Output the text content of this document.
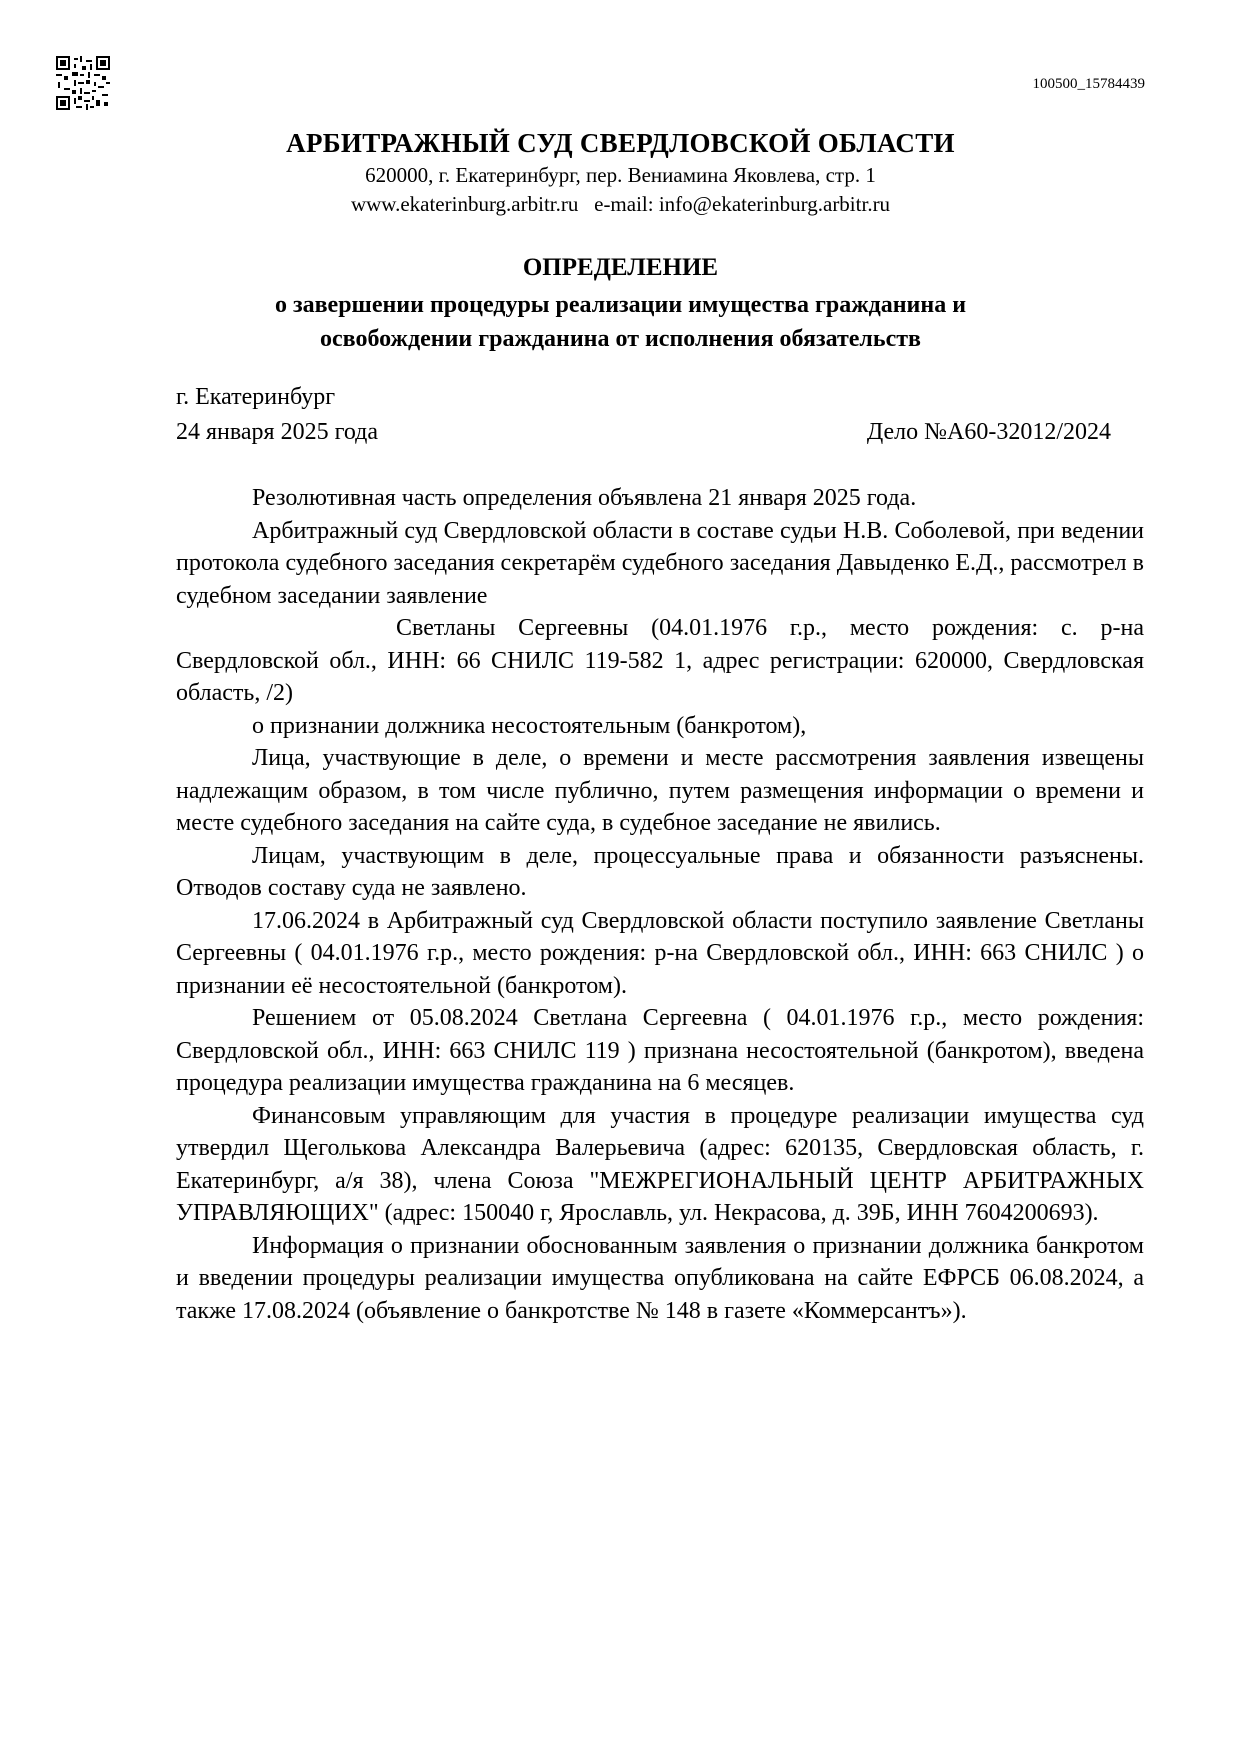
100500_15784439
АРБИТРАЖНЫЙ СУД СВЕРДЛОВСКОЙ ОБЛАСТИ
620000, г. Екатеринбург, пер. Вениамина Яковлева, стр. 1
www.ekaterinburg.arbitr.ru   e-mail: info@ekaterinburg.arbitr.ru
ОПРЕДЕЛЕНИЕ
о завершении процедуры реализации имущества гражданина и
освобождении гражданина от исполнения обязательств
г. Екатеринбург
24 января 2025 года	Дело №А60-32012/2024

Резолютивная часть определения объявлена 21 января 2025 года.

Арбитражный суд Свердловской области в составе судьи Н.В. Соболевой, при ведении протокола судебного заседания секретарём судебного заседания Давыденко Е.Д., рассмотрел в судебном заседании заявление

Светланы Сергеевны (04.01.1976 г.р., место рождения: с. р-на Свердловской обл., ИНН: 66 СНИЛС 119-582 1, адрес регистрации: 620000, Свердловская область, /2)

о признании должника несостоятельным (банкротом),

Лица, участвующие в деле, о времени и месте рассмотрения заявления извещены надлежащим образом, в том числе публично, путем размещения информации о времени и месте судебного заседания на сайте суда, в судебное заседание не явились.

Лицам, участвующим в деле, процессуальные права и обязанности разъяснены. Отводов составу суда не заявлено.

17.06.2024 в Арбитражный суд Свердловской области поступило заявление Светланы Сергеевны ( 04.01.1976 г.р., место рождения: р-на Свердловской обл., ИНН: 663 СНИЛС ) о признании её несостоятельной (банкротом).

Решением от 05.08.2024 Светлана Сергеевна ( 04.01.1976 г.р., место рождения: Свердловской обл., ИНН: 663 СНИЛС 119 ) признана несостоятельной (банкротом), введена процедура реализации имущества гражданина на 6 месяцев.

Финансовым управляющим для участия в процедуре реализации имущества суд утвердил Щеголькова Александра Валерьевича (адрес: 620135, Свердловская область, г. Екатеринбург, а/я 38), члена Союза "МЕЖРЕГИОНАЛЬНЫЙ ЦЕНТР АРБИТРАЖНЫХ УПРАВЛЯЮЩИХ" (адрес: 150040 г, Ярославль, ул. Некрасова, д. 39Б, ИНН 7604200693).

Информация о признании обоснованным заявления о признании должника банкротом и введении процедуры реализации имущества опубликована на сайте ЕФРСБ 06.08.2024, а также 17.08.2024 (объявление о банкротстве № 148 в газете «Коммерсантъ»).
